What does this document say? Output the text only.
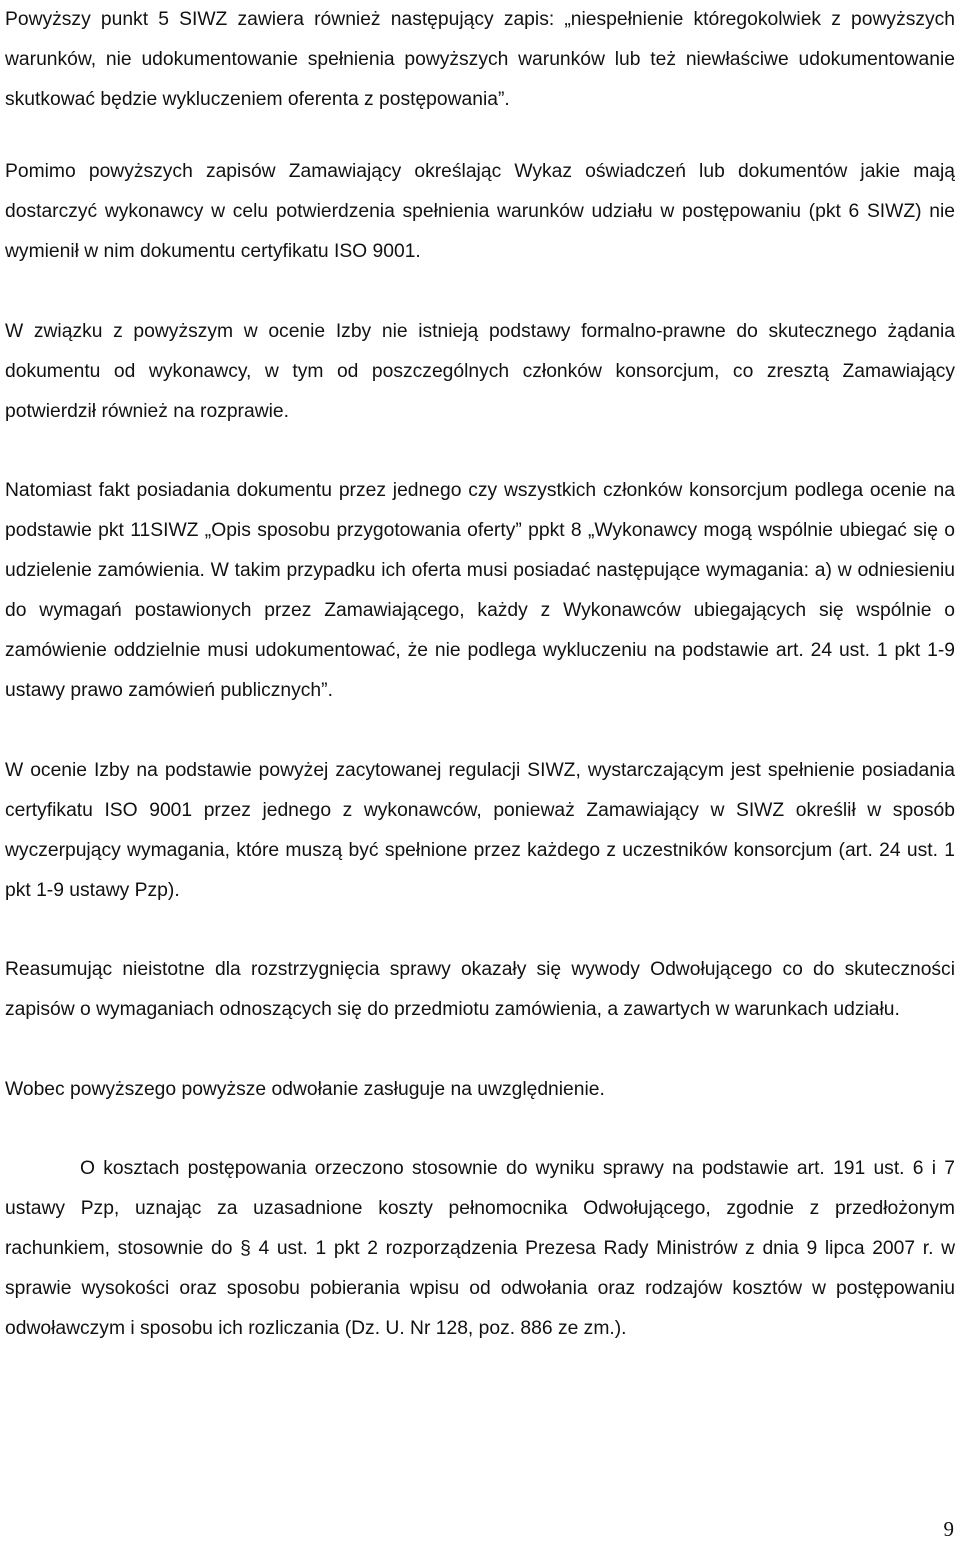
Powyższy punkt 5 SIWZ zawiera również następujący zapis: „niespełnienie któregokolwiek z powyższych warunków, nie udokumentowanie spełnienia powyższych warunków lub też niewłaściwe udokumentowanie skutkować będzie wykluczeniem oferenta z postępowania”.

Pomimo powyższych zapisów Zamawiający określając Wykaz oświadczeń lub dokumentów jakie mają dostarczyć wykonawcy w celu potwierdzenia spełnienia warunków udziału w postępowaniu (pkt 6 SIWZ) nie wymienił w nim dokumentu certyfikatu ISO 9001.

W związku z powyższym w ocenie Izby nie istnieją podstawy formalno-prawne do skutecznego żądania dokumentu od wykonawcy, w tym od poszczególnych członków konsorcjum, co zresztą Zamawiający potwierdził również na rozprawie.

Natomiast fakt posiadania dokumentu przez jednego czy wszystkich członków konsorcjum podlega ocenie na podstawie pkt 11SIWZ „Opis sposobu przygotowania oferty” ppkt 8 „Wykonawcy mogą wspólnie ubiegać się o udzielenie zamówienia. W takim przypadku ich oferta musi posiadać następujące wymagania: a) w odniesieniu do wymagań postawionych przez Zamawiającego, każdy z Wykonawców ubiegających się wspólnie o zamówienie oddzielnie musi udokumentować, że nie podlega wykluczeniu na podstawie art. 24 ust. 1 pkt 1-9 ustawy prawo zamówień publicznych”.

W ocenie Izby na podstawie powyżej zacytowanej regulacji SIWZ, wystarczającym jest spełnienie posiadania certyfikatu ISO 9001 przez jednego z wykonawców, ponieważ Zamawiający w SIWZ określił w sposób wyczerpujący wymagania, które muszą być spełnione przez każdego z uczestników konsorcjum (art. 24 ust. 1 pkt 1-9 ustawy Pzp).

Reasumując nieistotne dla rozstrzygnięcia sprawy okazały się wywody Odwołującego co do skuteczności zapisów o wymaganiach odnoszących się do przedmiotu zamówienia, a zawartych w warunkach udziału.

Wobec powyższego powyższe odwołanie zasługuje na uwzględnienie.

O kosztach postępowania orzeczono stosownie do wyniku sprawy na podstawie art. 191 ust. 6 i 7 ustawy Pzp, uznając za uzasadnione koszty pełnomocnika Odwołującego, zgodnie z przedłożonym rachunkiem, stosownie do § 4 ust. 1 pkt 2 rozporządzenia Prezesa Rady Ministrów z dnia 9 lipca 2007 r. w sprawie wysokości oraz sposobu pobierania wpisu od odwołania oraz rodzajów kosztów w postępowaniu odwoławczym i sposobu ich rozliczania (Dz. U. Nr 128, poz. 886 ze zm.).

9
